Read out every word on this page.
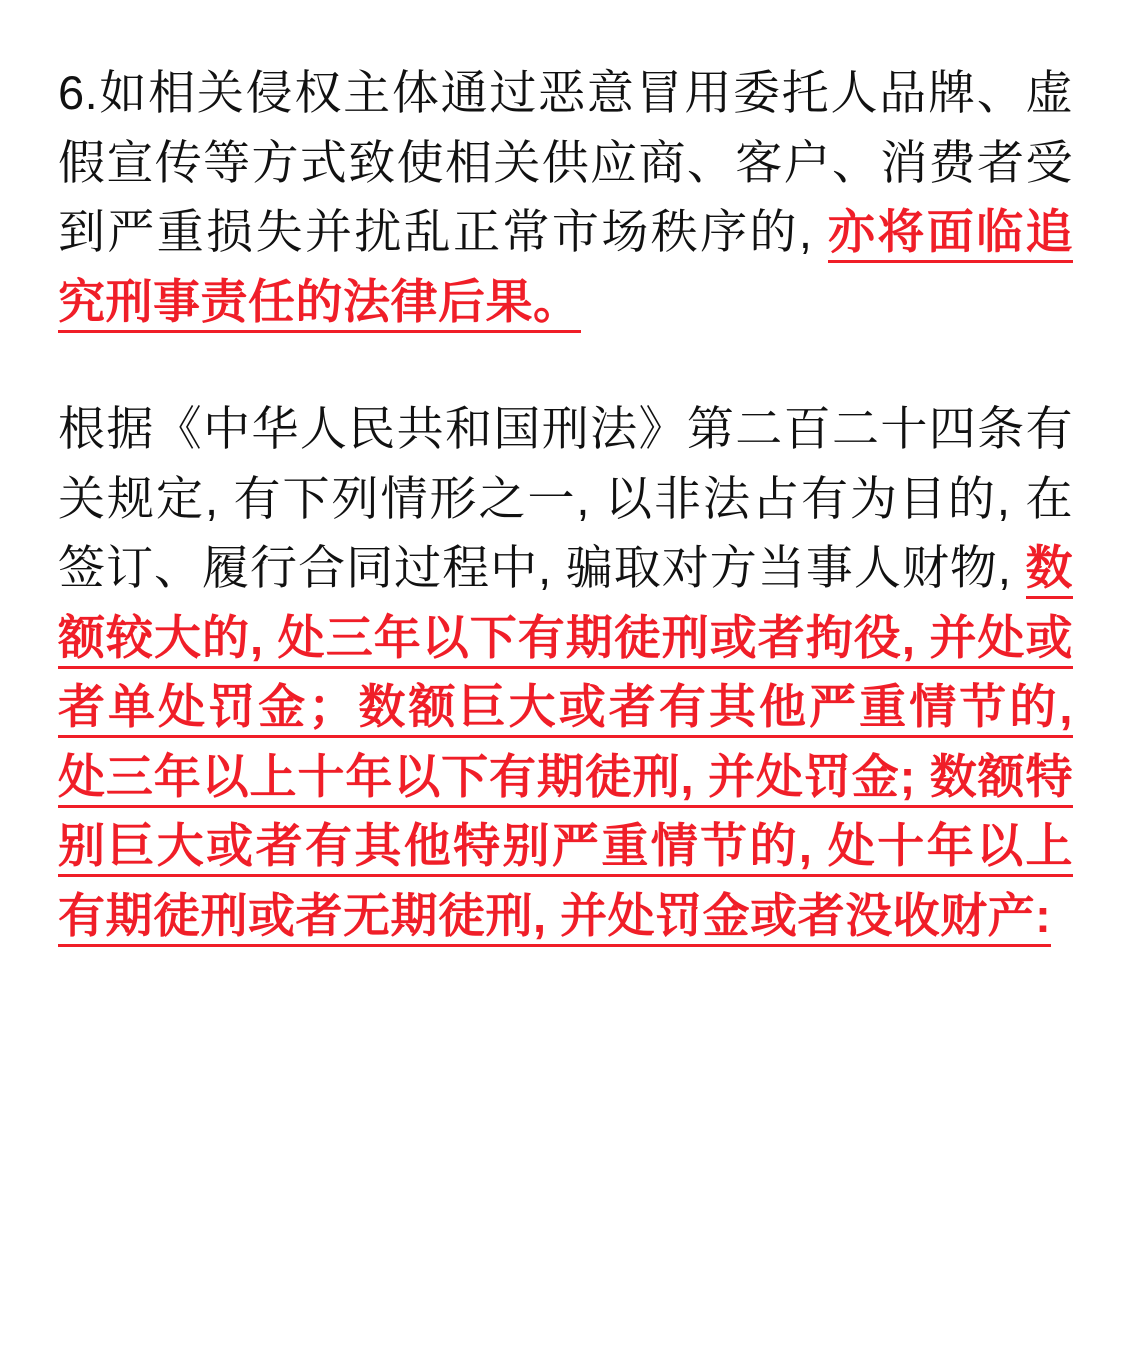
6.如相关侵权主体通过恶意冒用委托人品牌、虚假宣传等方式致使相关供应商、客户、消费者受到严重损失并扰乱正常市场秩序的, 亦将面临追究刑事责任的法律后果。

根据《中华人民共和国刑法》第二百二十四条有关规定, 有下列情形之一, 以非法占有为目的, 在签订、履行合同过程中, 骗取对方当事人财物, 数额较大的, 处三年以下有期徒刑或者拘役, 并处或者单处罚金；数额巨大或者有其他严重情节的, 处三年以上十年以下有期徒刑, 并处罚金; 数额特别巨大或者有其他特别严重情节的, 处十年以上有期徒刑或者无期徒刑, 并处罚金或者没收财产:
